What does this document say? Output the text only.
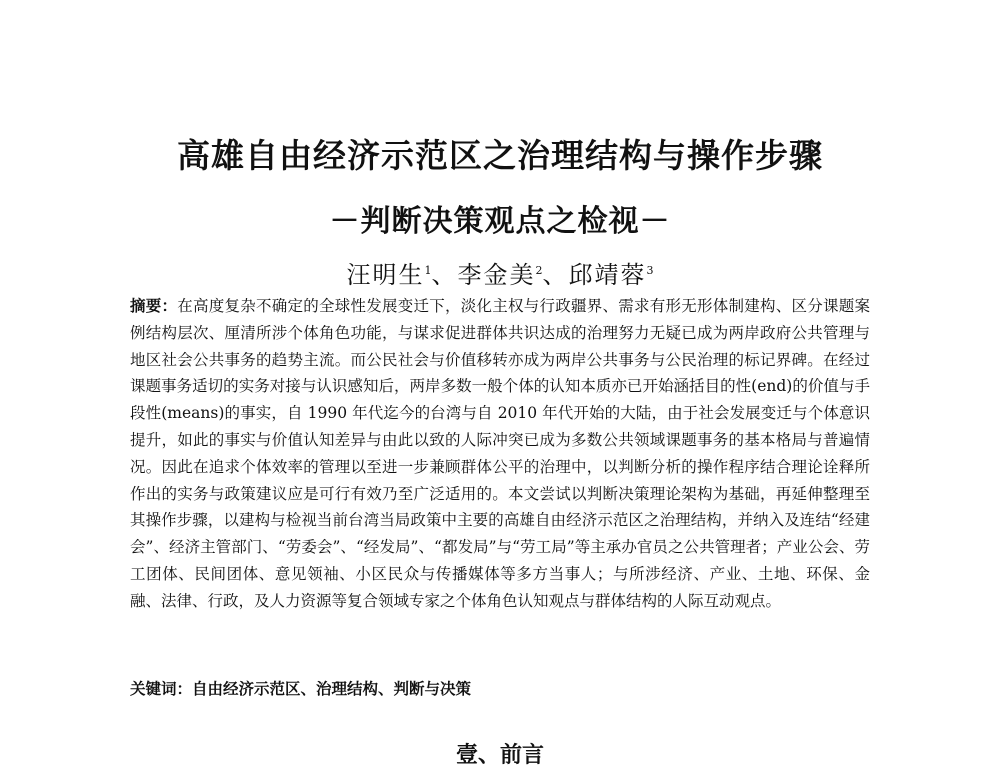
高雄自由经济示范区之治理结构与操作步骤
－判断决策观点之检视－
汪明生$^1$、李金美$^2$、邱靖蓉$^3$
摘要：在高度复杂不确定的全球性发展变迁下，淡化主权与行政疆界、需求有形无形体制建构、区分课题案例结构层次、厘清所涉个体角色功能，与谋求促进群体共识达成的治理努力无疑已成为两岸政府公共管理与地区社会公共事务的趋势主流。而公民社会与价值移转亦成为两岸公共事务与公民治理的标记界碑。在经过课题事务适切的实务对接与认识感知后，两岸多数一般个体的认知本质亦已开始涵括目的性(end)的价值与手段性(means)的事实，自 1990 年代迄今的台湾与自 2010 年代开始的大陆，由于社会发展变迁与个体意识提升，如此的事实与价值认知差异与由此以致的人际冲突已成为多数公共领域课题事务的基本格局与普遍情况。因此在追求个体效率的管理以至进一步兼顾群体公平的治理中，以判断分析的操作程序结合理论诠释所作出的实务与政策建议应是可行有效乃至广泛适用的。本文尝试以判断决策理论架构为基础，再延伸整理至其操作步骤，以建构与检视当前台湾当局政策中主要的高雄自由经济示范区之治理结构，并纳入及连结“经建会”、经济主管部门、“劳委会”、“经发局”、“都发局”与“劳工局”等主承办官员之公共管理者；产业公会、劳工团体、民间团体、意见领袖、小区民众与传播媒体等多方当事人；与所涉经济、产业、土地、环保、金融、法律、行政，及人力资源等复合领域专家之个体角色认知观点与群体结构的人际互动观点。
关键词：自由经济示范区、治理结构、判断与决策
壹、前言
